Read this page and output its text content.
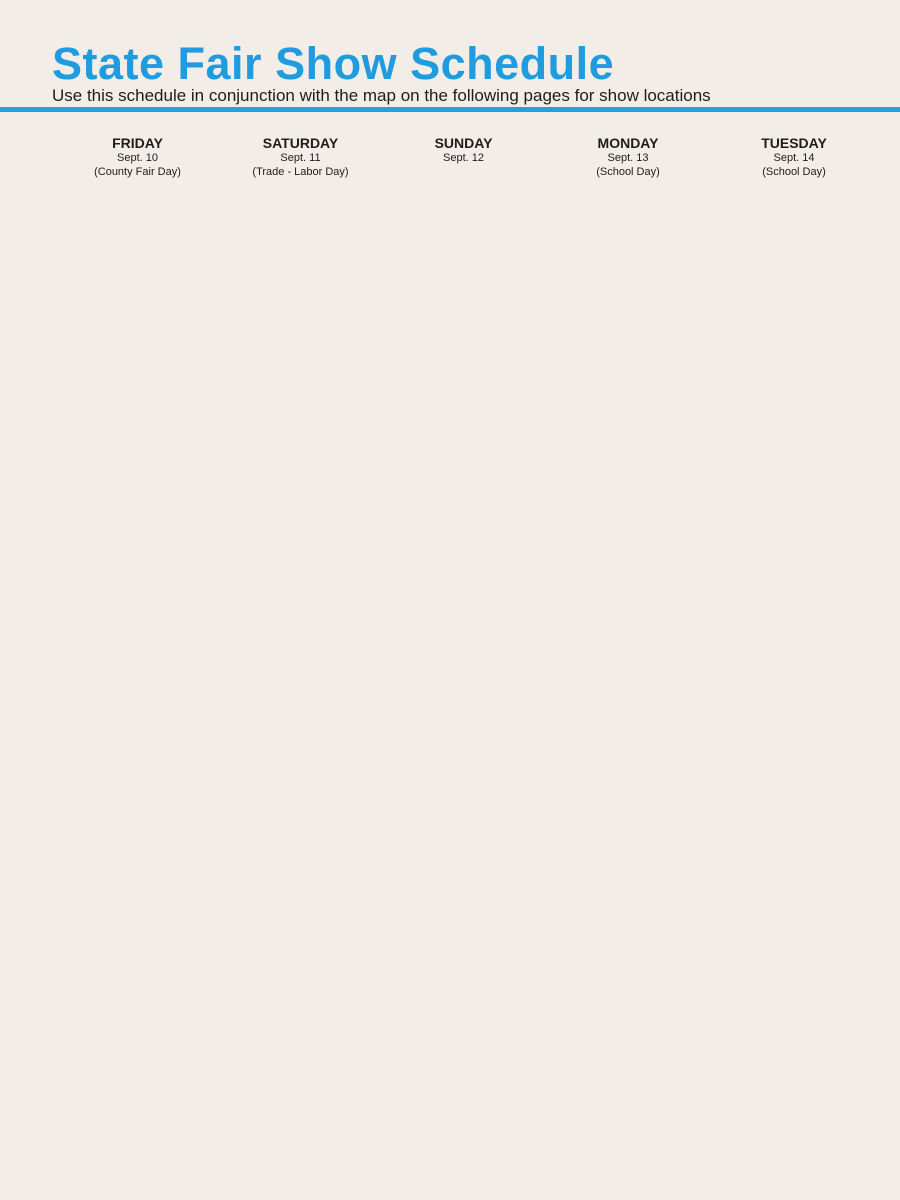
State Fair Show Schedule

Use this schedule in conjunction with the map on the following pages for show locations

FRIDAY
Sept. 10
(County Fair Day)
SATURDAY
Sept. 11
(Trade - Labor Day)
SUNDAY
Sept. 12

MONDAY
Sept. 13
(School Day)
TUESDAY
Sept. 14
(School Day)
